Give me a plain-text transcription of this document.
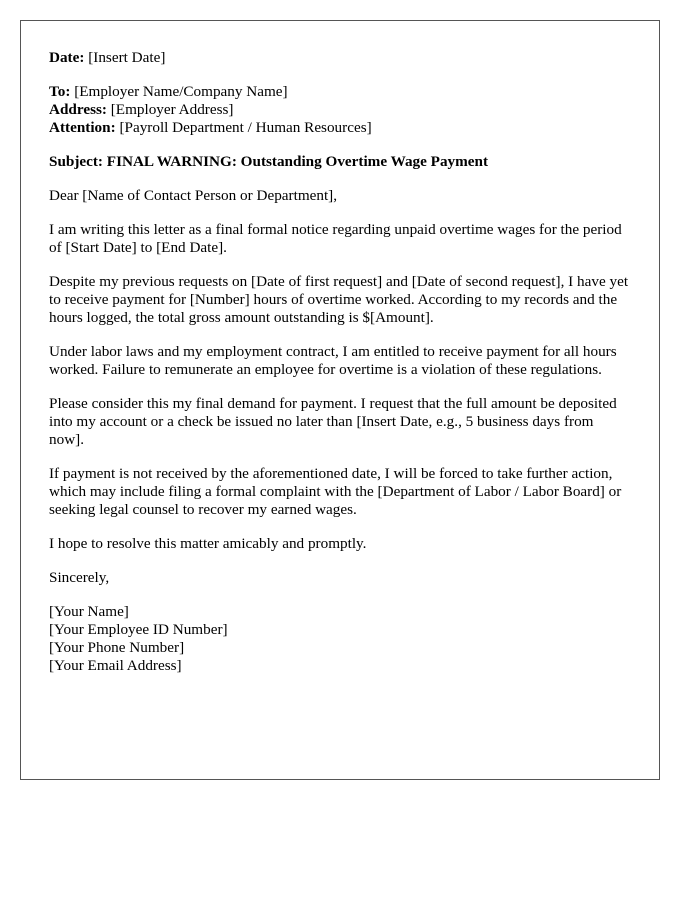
Date: [Insert Date]

To: [Employer Name/Company Name]
Address: [Employer Address]
Attention: [Payroll Department / Human Resources]

Subject: FINAL WARNING: Outstanding Overtime Wage Payment

Dear [Name of Contact Person or Department],

I am writing this letter as a final formal notice regarding unpaid overtime wages for the period of [Start Date] to [End Date].

Despite my previous requests on [Date of first request] and [Date of second request], I have yet to receive payment for [Number] hours of overtime worked. According to my records and the hours logged, the total gross amount outstanding is $[Amount].

Under labor laws and my employment contract, I am entitled to receive payment for all hours worked. Failure to remunerate an employee for overtime is a violation of these regulations.

Please consider this my final demand for payment. I request that the full amount be deposited into my account or a check be issued no later than [Insert Date, e.g., 5 business days from now].

If payment is not received by the aforementioned date, I will be forced to take further action, which may include filing a formal complaint with the [Department of Labor / Labor Board] or seeking legal counsel to recover my earned wages.

I hope to resolve this matter amicably and promptly.

Sincerely,

[Your Name]
[Your Employee ID Number]
[Your Phone Number]
[Your Email Address]
